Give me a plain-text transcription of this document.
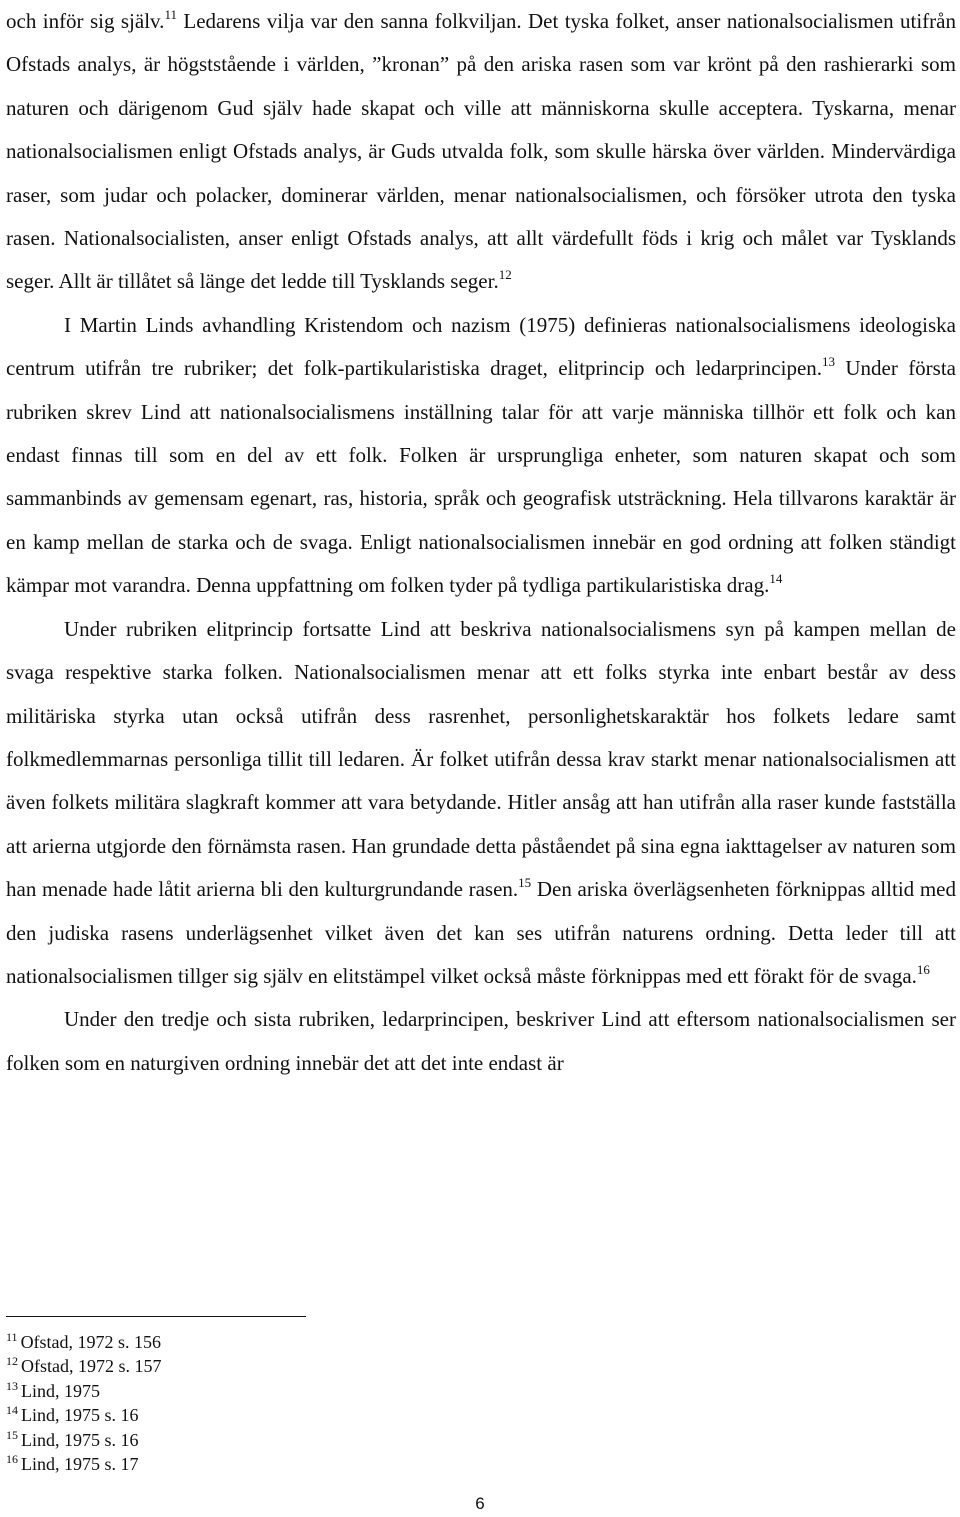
och inför sig själv.$^{11}$ Ledarens vilja var den sanna folkviljan. Det tyska folket, anser nationalsocialismen utifrån Ofstads analys, är högststående i världen, ”kronan” på den ariska rasen som var krönt på den rashierarki som naturen och därigenom Gud själv hade skapat och ville att människorna skulle acceptera. Tyskarna, menar nationalsocialismen enligt Ofstads analys, är Guds utvalda folk, som skulle härska över världen. Mindervärdiga raser, som judar och polacker, dominerar världen, menar nationalsocialismen, och försöker utrota den tyska rasen. Nationalsocialisten, anser enligt Ofstads analys, att allt värdefullt föds i krig och målet var Tysklands seger. Allt är tillåtet så länge det ledde till Tysklands seger.$^{12}$

I Martin Linds avhandling Kristendom och nazism (1975) definieras nationalsocialismens ideologiska centrum utifrån tre rubriker; det folk-partikularistiska draget, elitprincip och ledarprincipen.$^{13}$ Under första rubriken skrev Lind att nationalsocialismens inställning talar för att varje människa tillhör ett folk och kan endast finnas till som en del av ett folk. Folken är ursprungliga enheter, som naturen skapat och som sammanbinds av gemensam egenart, ras, historia, språk och geografisk utsträckning. Hela tillvarons karaktär är en kamp mellan de starka och de svaga. Enligt nationalsocialismen innebär en god ordning att folken ständigt kämpar mot varandra. Denna uppfattning om folken tyder på tydliga partikularistiska drag.$^{14}$

Under rubriken elitprincip fortsatte Lind att beskriva nationalsocialismens syn på kampen mellan de svaga respektive starka folken. Nationalsocialismen menar att ett folks styrka inte enbart består av dess militäriska styrka utan också utifrån dess rasrenhet, personlighetskaraktär hos folkets ledare samt folkmedlemmarnas personliga tillit till ledaren. Är folket utifrån dessa krav starkt menar nationalsocialismen att även folkets militära slagkraft kommer att vara betydande. Hitler ansåg att han utifrån alla raser kunde fastställa att arierna utgjorde den förnämsta rasen. Han grundade detta påståendet på sina egna iakttagelser av naturen som han menade hade låtit arierna bli den kulturgrundande rasen.$^{15}$ Den ariska överlägsenheten förknippas alltid med den judiska rasens underlägsenhet vilket även det kan ses utifrån naturens ordning. Detta leder till att nationalsocialismen tillger sig själv en elitstämpel vilket också måste förknippas med ett förakt för de svaga.$^{16}$

Under den tredje och sista rubriken, ledarprincipen, beskriver Lind att eftersom nationalsocialismen ser folken som en naturgiven ordning innebär det att det inte endast är

$^{11}$ Ofstad, 1972 s. 156
$^{12}$ Ofstad, 1972 s. 157
$^{13}$ Lind, 1975
$^{14}$ Lind, 1975 s. 16
$^{15}$ Lind, 1975 s. 16
$^{16}$ Lind, 1975 s. 17
6
